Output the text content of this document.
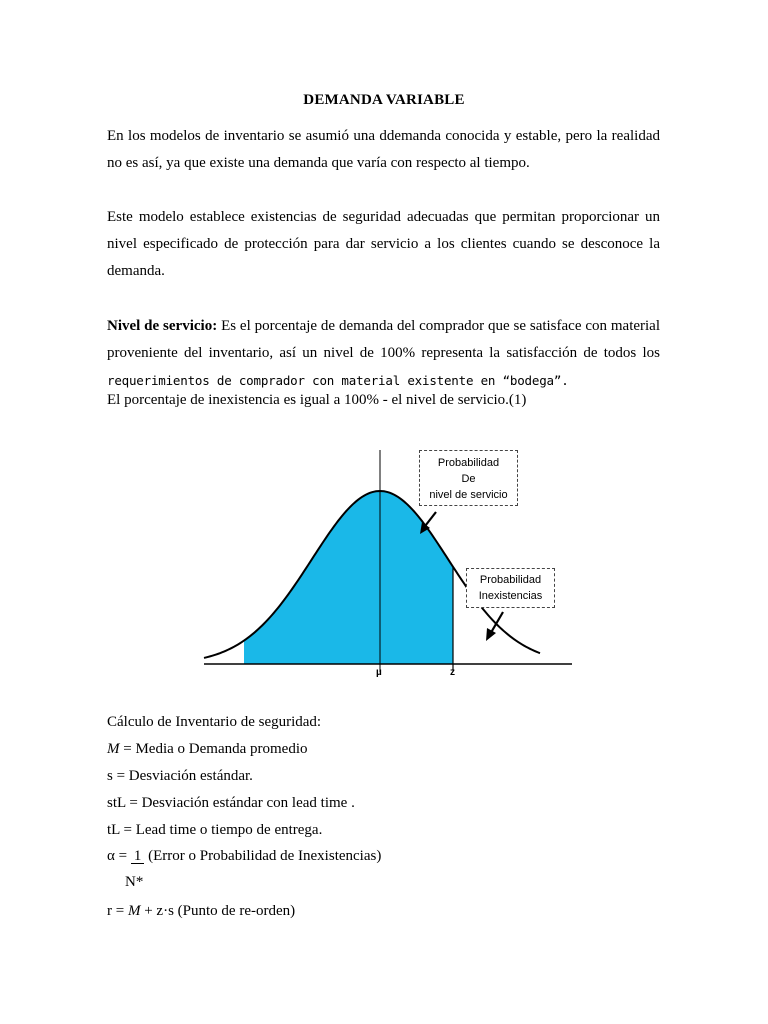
DEMANDA VARIABLE

En los modelos de inventario se asumió una ddemanda conocida y estable, pero la realidad no es así, ya que existe una demanda que varía con respecto al tiempo.

Este modelo establece existencias de seguridad adecuadas que permitan proporcionar un nivel especificado de protección para dar servicio a los clientes cuando se desconoce la demanda.

Nivel de servicio: Es el porcentaje de demanda del comprador que se satisface con material proveniente del inventario, así un nivel de 100% representa la satisfacción de todos los requerimientos de comprador con material existente en “bodega”.

El porcentaje de inexistencia es igual a 100% - el nivel de servicio.(1)

Probabilidad
De
nivel de servicio
Probabilidad
Inexistencias
µ	z

Cálculo de Inventario de seguridad:

M = Media o Demanda promedio

s = Desviación estándar.

stL = Desviación estándar con lead time .

tL = Lead time o tiempo de entrega.

α = 1 (Error o Probabilidad de Inexistencias)

N*

r = M + z·s (Punto de re-orden)
